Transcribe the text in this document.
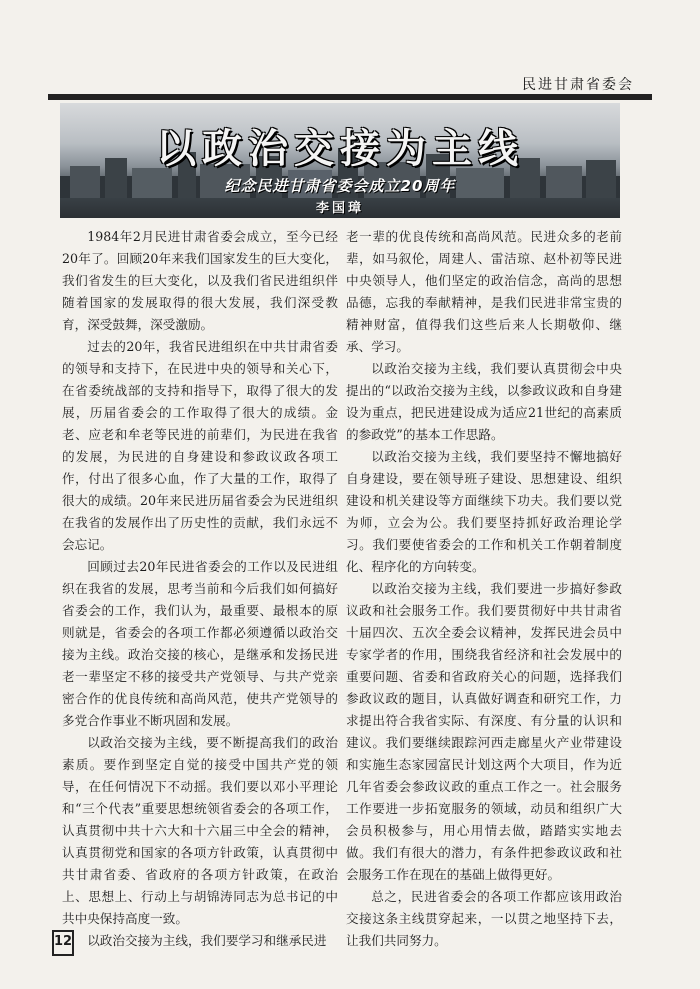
民进甘肃省委会
以政治交接为主线
纪念民进甘肃省委会成立20周年
李国璋

1984年2月民进甘肃省委会成立，至今已经20年了。回顾20年来我们国家发生的巨大变化，我们省发生的巨大变化，以及我们省民进组织伴随着国家的发展取得的很大发展，我们深受教育，深受鼓舞，深受激励。

过去的20年，我省民进组织在中共甘肃省委的领导和支持下，在民进中央的领导和关心下，在省委统战部的支持和指导下，取得了很大的发展，历届省委会的工作取得了很大的成绩。金老、应老和牟老等民进的前辈们，为民进在我省的发展，为民进的自身建设和参政议政各项工作，付出了很多心血，作了大量的工作，取得了很大的成绩。20年来民进历届省委会为民进组织在我省的发展作出了历史性的贡献，我们永远不会忘记。

回顾过去20年民进省委会的工作以及民进组织在我省的发展，思考当前和今后我们如何搞好省委会的工作，我们认为，最重要、最根本的原则就是，省委会的各项工作都必须遵循以政治交接为主线。政治交接的核心，是继承和发扬民进老一辈坚定不移的接受共产党领导、与共产党亲密合作的优良传统和高尚风范，使共产党领导的多党合作事业不断巩固和发展。

以政治交接为主线，要不断提高我们的政治素质。要作到坚定自觉的接受中国共产党的领导，在任何情况下不动摇。我们要以邓小平理论和“三个代表”重要思想统领省委会的各项工作，认真贯彻中共十六大和十六届三中全会的精神，认真贯彻党和国家的各项方针政策，认真贯彻中共甘肃省委、省政府的各项方针政策，在政治上、思想上、行动上与胡锦涛同志为总书记的中共中央保持高度一致。

以政治交接为主线，我们要学习和继承民进

老一辈的优良传统和高尚风范。民进众多的老前辈，如马叙伦，周建人、雷洁琼、赵朴初等民进中央领导人，他们坚定的政治信念，高尚的思想品德，忘我的奉献精神，是我们民进非常宝贵的精神财富，值得我们这些后来人长期敬仰、继承、学习。

以政治交接为主线，我们要认真贯彻会中央提出的“以政治交接为主线，以参政议政和自身建设为重点，把民进建设成为适应21世纪的高素质的参政党”的基本工作思路。

以政治交接为主线，我们要坚持不懈地搞好自身建设，要在领导班子建设、思想建设、组织建设和机关建设等方面继续下功夫。我们要以党为师，立会为公。我们要坚持抓好政治理论学习。我们要使省委会的工作和机关工作朝着制度化、程序化的方向转变。

以政治交接为主线，我们要进一步搞好参政议政和社会服务工作。我们要贯彻好中共甘肃省十届四次、五次全委会议精神，发挥民进会员中专家学者的作用，围绕我省经济和社会发展中的重要问题、省委和省政府关心的问题，选择我们参政议政的题目，认真做好调查和研究工作，力求提出符合我省实际、有深度、有分量的认识和建议。我们要继续跟踪河西走廊星火产业带建设和实施生态家园富民计划这两个大项目，作为近几年省委会参政议政的重点工作之一。社会服务工作要进一步拓宽服务的领域，动员和组织广大会员积极参与，用心用情去做，踏踏实实地去做。我们有很大的潜力，有条件把参政议政和社会服务工作在现在的基础上做得更好。

总之，民进省委会的各项工作都应该用政治交接这条主线贯穿起来，一以贯之地坚持下去，让我们共同努力。

12
